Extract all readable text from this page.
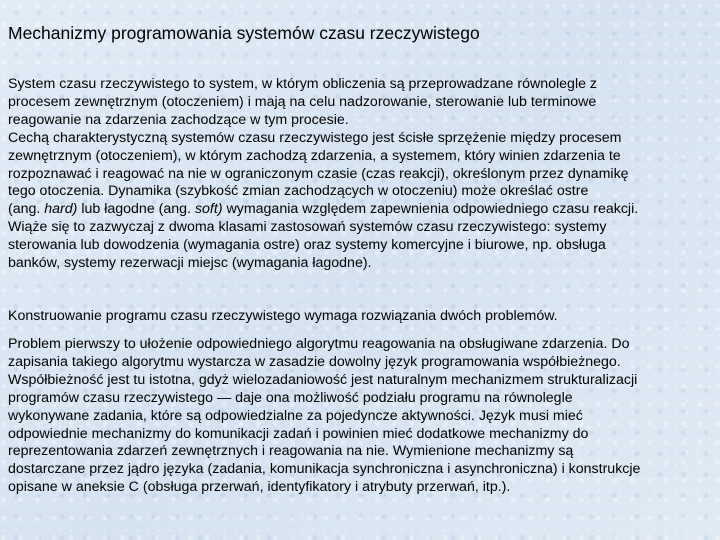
Mechanizmy programowania systemów czasu rzeczywistego

System czasu rzeczywistego to system, w którym obliczenia są przeprowadzane równolegle z
procesem zewnętrznym (otoczeniem) i mają na celu nadzorowanie, sterowanie lub terminowe
reagowanie na zdarzenia zachodzące w tym procesie.
Cechą charakterystyczną systemów czasu rzeczywistego jest ścisłe sprzężenie między procesem
zewnętrznym (otoczeniem), w którym zachodzą zdarzenia, a systemem, który winien zdarzenia te
rozpoznawać i reagować na nie w ograniczonym czasie (czas reakcji), określonym przez dynamikę
tego otoczenia. Dynamika (szybkość zmian zachodzących w otoczeniu) może określać ostre
(ang. hard) lub łagodne (ang. soft) wymagania względem zapewnienia odpowiedniego czasu reakcji.
Wiąże się to zazwyczaj z dwoma klasami zastosowań systemów czasu rzeczywistego: systemy
sterowania lub dowodzenia (wymagania ostre) oraz systemy komercyjne i biurowe, np. obsługa
banków, systemy rezerwacji miejsc (wymagania łagodne).

Konstruowanie programu czasu rzeczywistego wymaga rozwiązania dwóch problemów.

Problem pierwszy to ułożenie odpowiedniego algorytmu reagowania na obsługiwane zdarzenia. Do
zapisania takiego algorytmu wystarcza w zasadzie dowolny język programowania współbieżnego.
Współbieżność jest tu istotna, gdyż wielozadaniowość jest naturalnym mechanizmem strukturalizacji
programów czasu rzeczywistego — daje ona możliwość podziału programu na równolegle
wykonywane zadania, które są odpowiedzialne za pojedyncze aktywności. Język musi mieć
odpowiednie mechanizmy do komunikacji zadań i powinien mieć dodatkowe mechanizmy do
reprezentowania zdarzeń zewnętrznych i reagowania na nie. Wymienione mechanizmy są
dostarczane przez jądro języka (zadania, komunikacja synchroniczna i asynchroniczna) i konstrukcje
opisane w aneksie C (obsługa przerwań, identyfikatory i atrybuty przerwań, itp.).
